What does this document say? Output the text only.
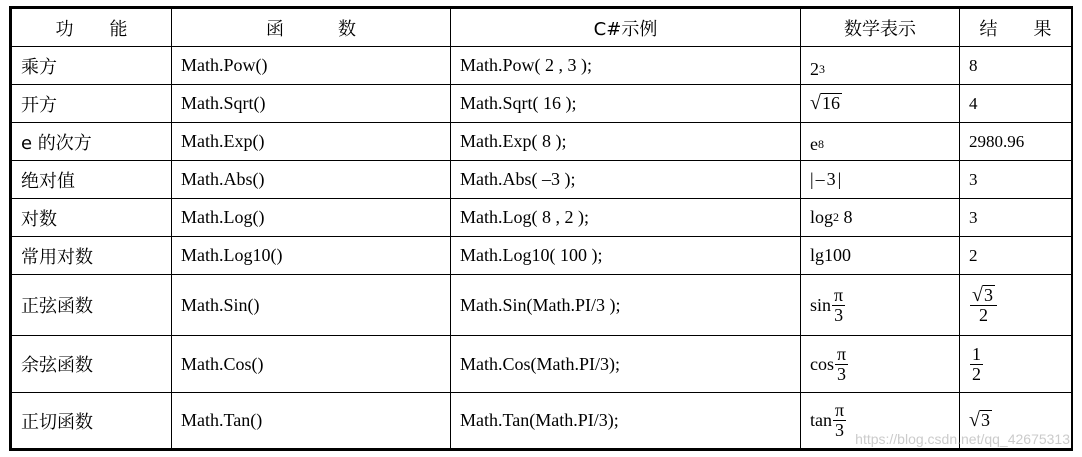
功　　能	函　　　数	C#示例	数学表示	结　　果
乘方	Math.Pow()	Math.Pow( 2 , 3 );	2 3	8
开方	Math.Sqrt()	Math.Sqrt( 16 );	√ 16	4
e 的次方	Math.Exp()	Math.Exp( 8 );	e 8	2980.96
绝对值	Math.Abs()	Math.Abs( –3 );	|–3|	3
对数	Math.Log()	Math.Log( 8 , 2 );	log 2 8	3
常用对数	Math.Log10()	Math.Log10( 100 );	lg100	2
正弦函数	Math.Sin()	Math.Sin(Math.PI/3 );	$\sin \frac{\pi}{3}$	$\frac{√ 3}{2}$

余弦函数	Math.Cos()	Math.Cos(Math.PI/3);	$\cos \frac{\pi}{3}$	$\frac{1}{2}$

正切函数	Math.Tan()	Math.Tan(Math.PI/3);	$\tan \frac{\pi}{3}$	√ 3
https://blog.csdn.net/qq_42675313
